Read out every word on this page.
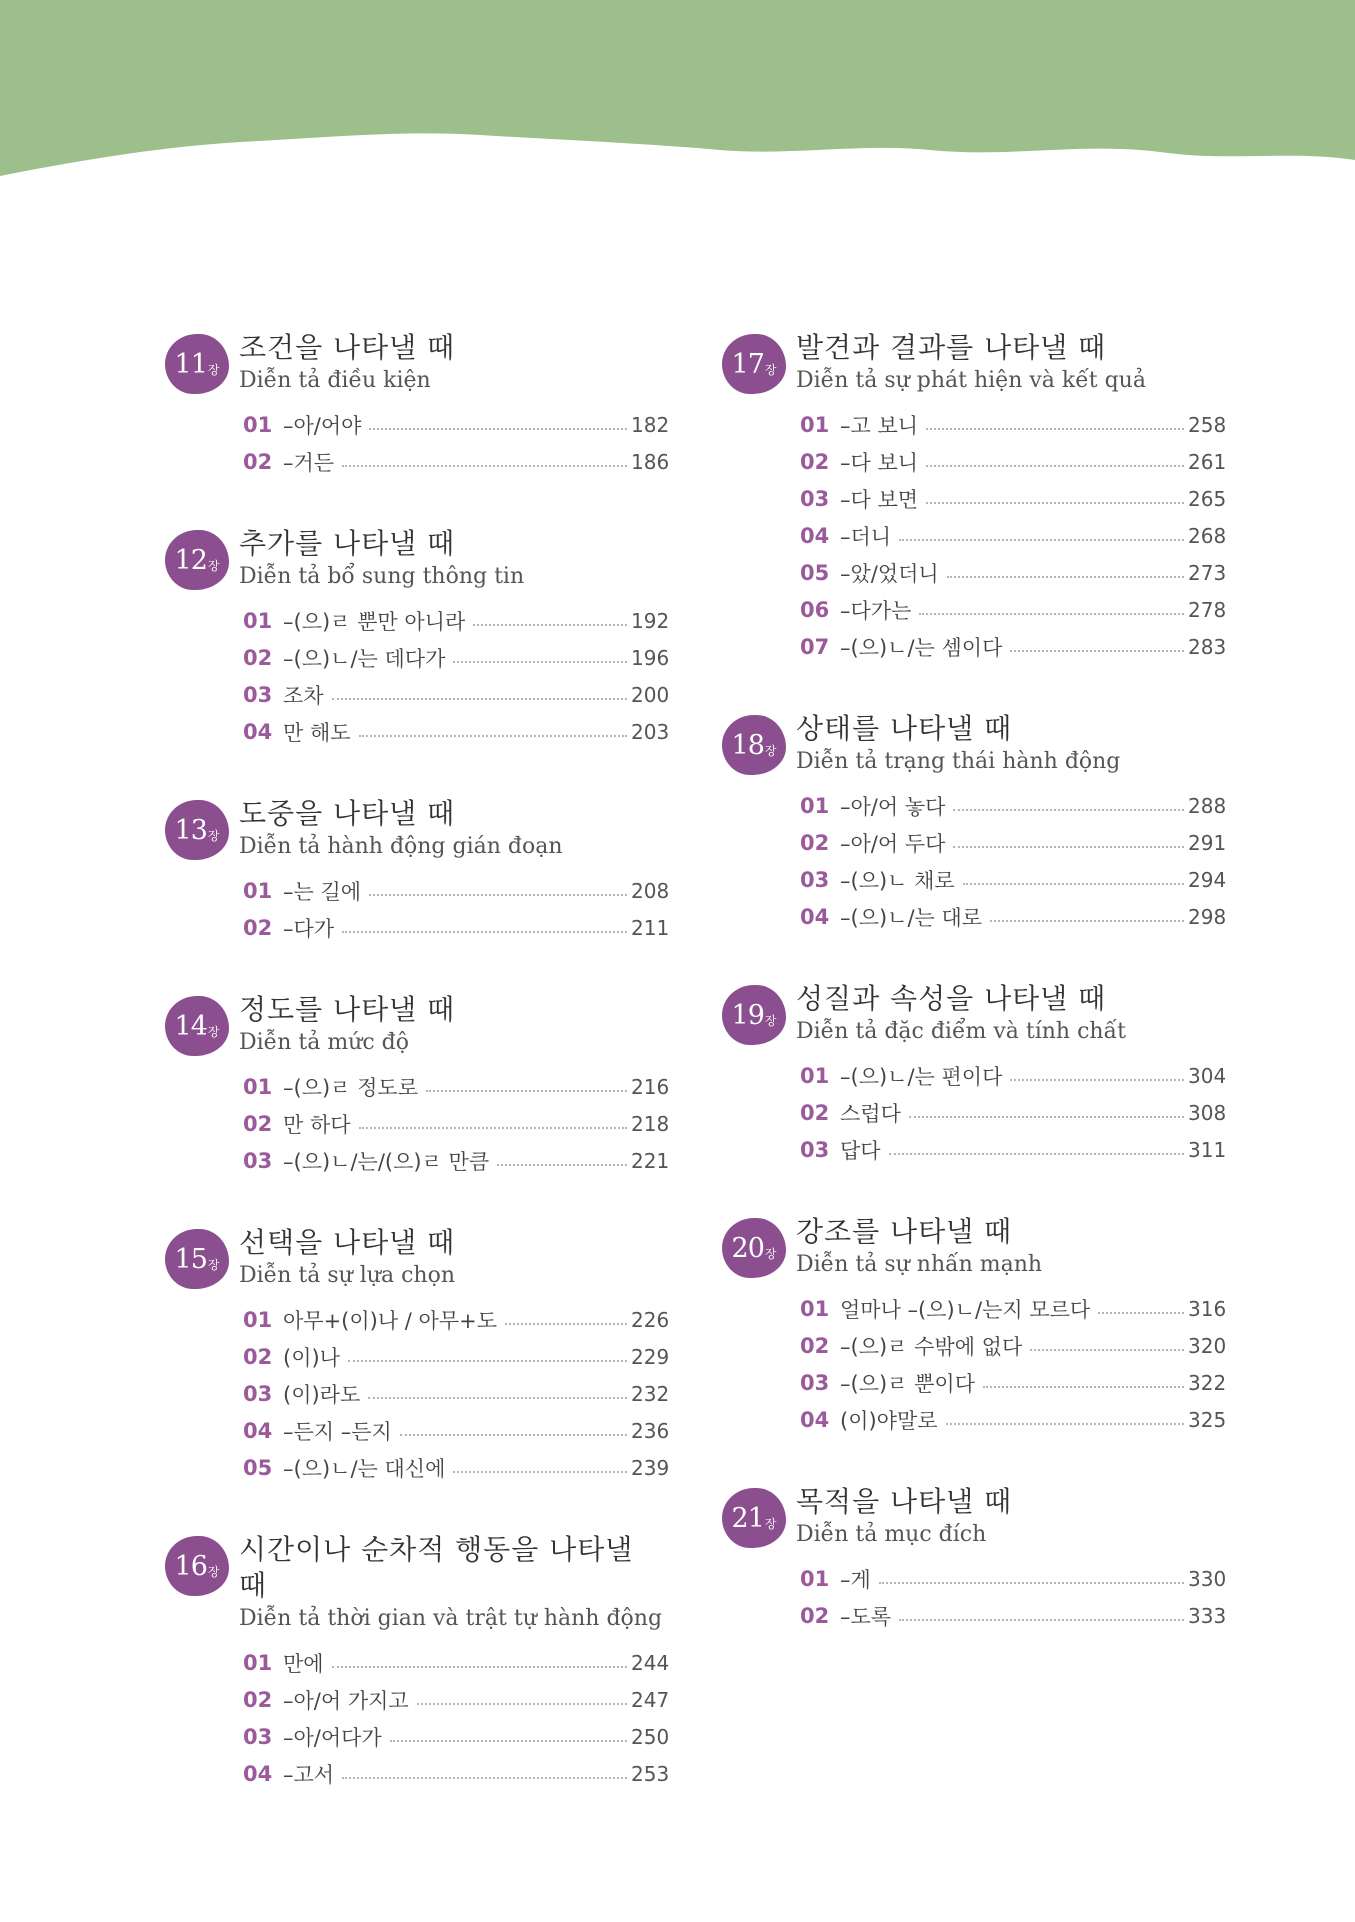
11 장
조건을 나타낼 때
Diễn tả điều kiện
01 –아/어야	182
02 –거든	186
12 장
추가를 나타낼 때
Diễn tả bổ sung thông tin
01 –(으)ㄹ 뿐만 아니라	192
02 –(으)ㄴ/는 데다가	196
03 조차	200
04 만 해도	203
13 장
도중을 나타낼 때
Diễn tả hành động gián đoạn
01 –는 길에	208
02 –다가	211
14 장
정도를 나타낼 때
Diễn tả mức độ
01 –(으)ㄹ 정도로	216
02 만 하다	218
03 –(으)ㄴ/는/(으)ㄹ 만큼	221
15 장
선택을 나타낼 때
Diễn tả sự lựa chọn
01 아무+(이)나 / 아무+도	226
02 (이)나	229
03 (이)라도	232
04 –든지 –든지	236
05 –(으)ㄴ/는 대신에	239
16 장
시간이나 순차적 행동을 나타낼 때
Diễn tả thời gian và trật tự hành động
01 만에	244
02 –아/어 가지고	247
03 –아/어다가	250
04 –고서	253
17 장
발견과 결과를 나타낼 때
Diễn tả sự phát hiện và kết quả
01 –고 보니	258
02 –다 보니	261
03 –다 보면	265
04 –더니	268
05 –았/었더니	273
06 –다가는	278
07 –(으)ㄴ/는 셈이다	283
18 장
상태를 나타낼 때
Diễn tả trạng thái hành động
01 –아/어 놓다	288
02 –아/어 두다	291
03 –(으)ㄴ 채로	294
04 –(으)ㄴ/는 대로	298
19 장
성질과 속성을 나타낼 때
Diễn tả đặc điểm và tính chất
01 –(으)ㄴ/는 편이다	304
02 스럽다	308
03 답다	311
20 장
강조를 나타낼 때
Diễn tả sự nhấn mạnh
01 얼마나 –(으)ㄴ/는지 모르다	316
02 –(으)ㄹ 수밖에 없다	320
03 –(으)ㄹ 뿐이다	322
04 (이)야말로	325
21 장
목적을 나타낼 때
Diễn tả mục đích
01 –게	330
02 –도록	333
